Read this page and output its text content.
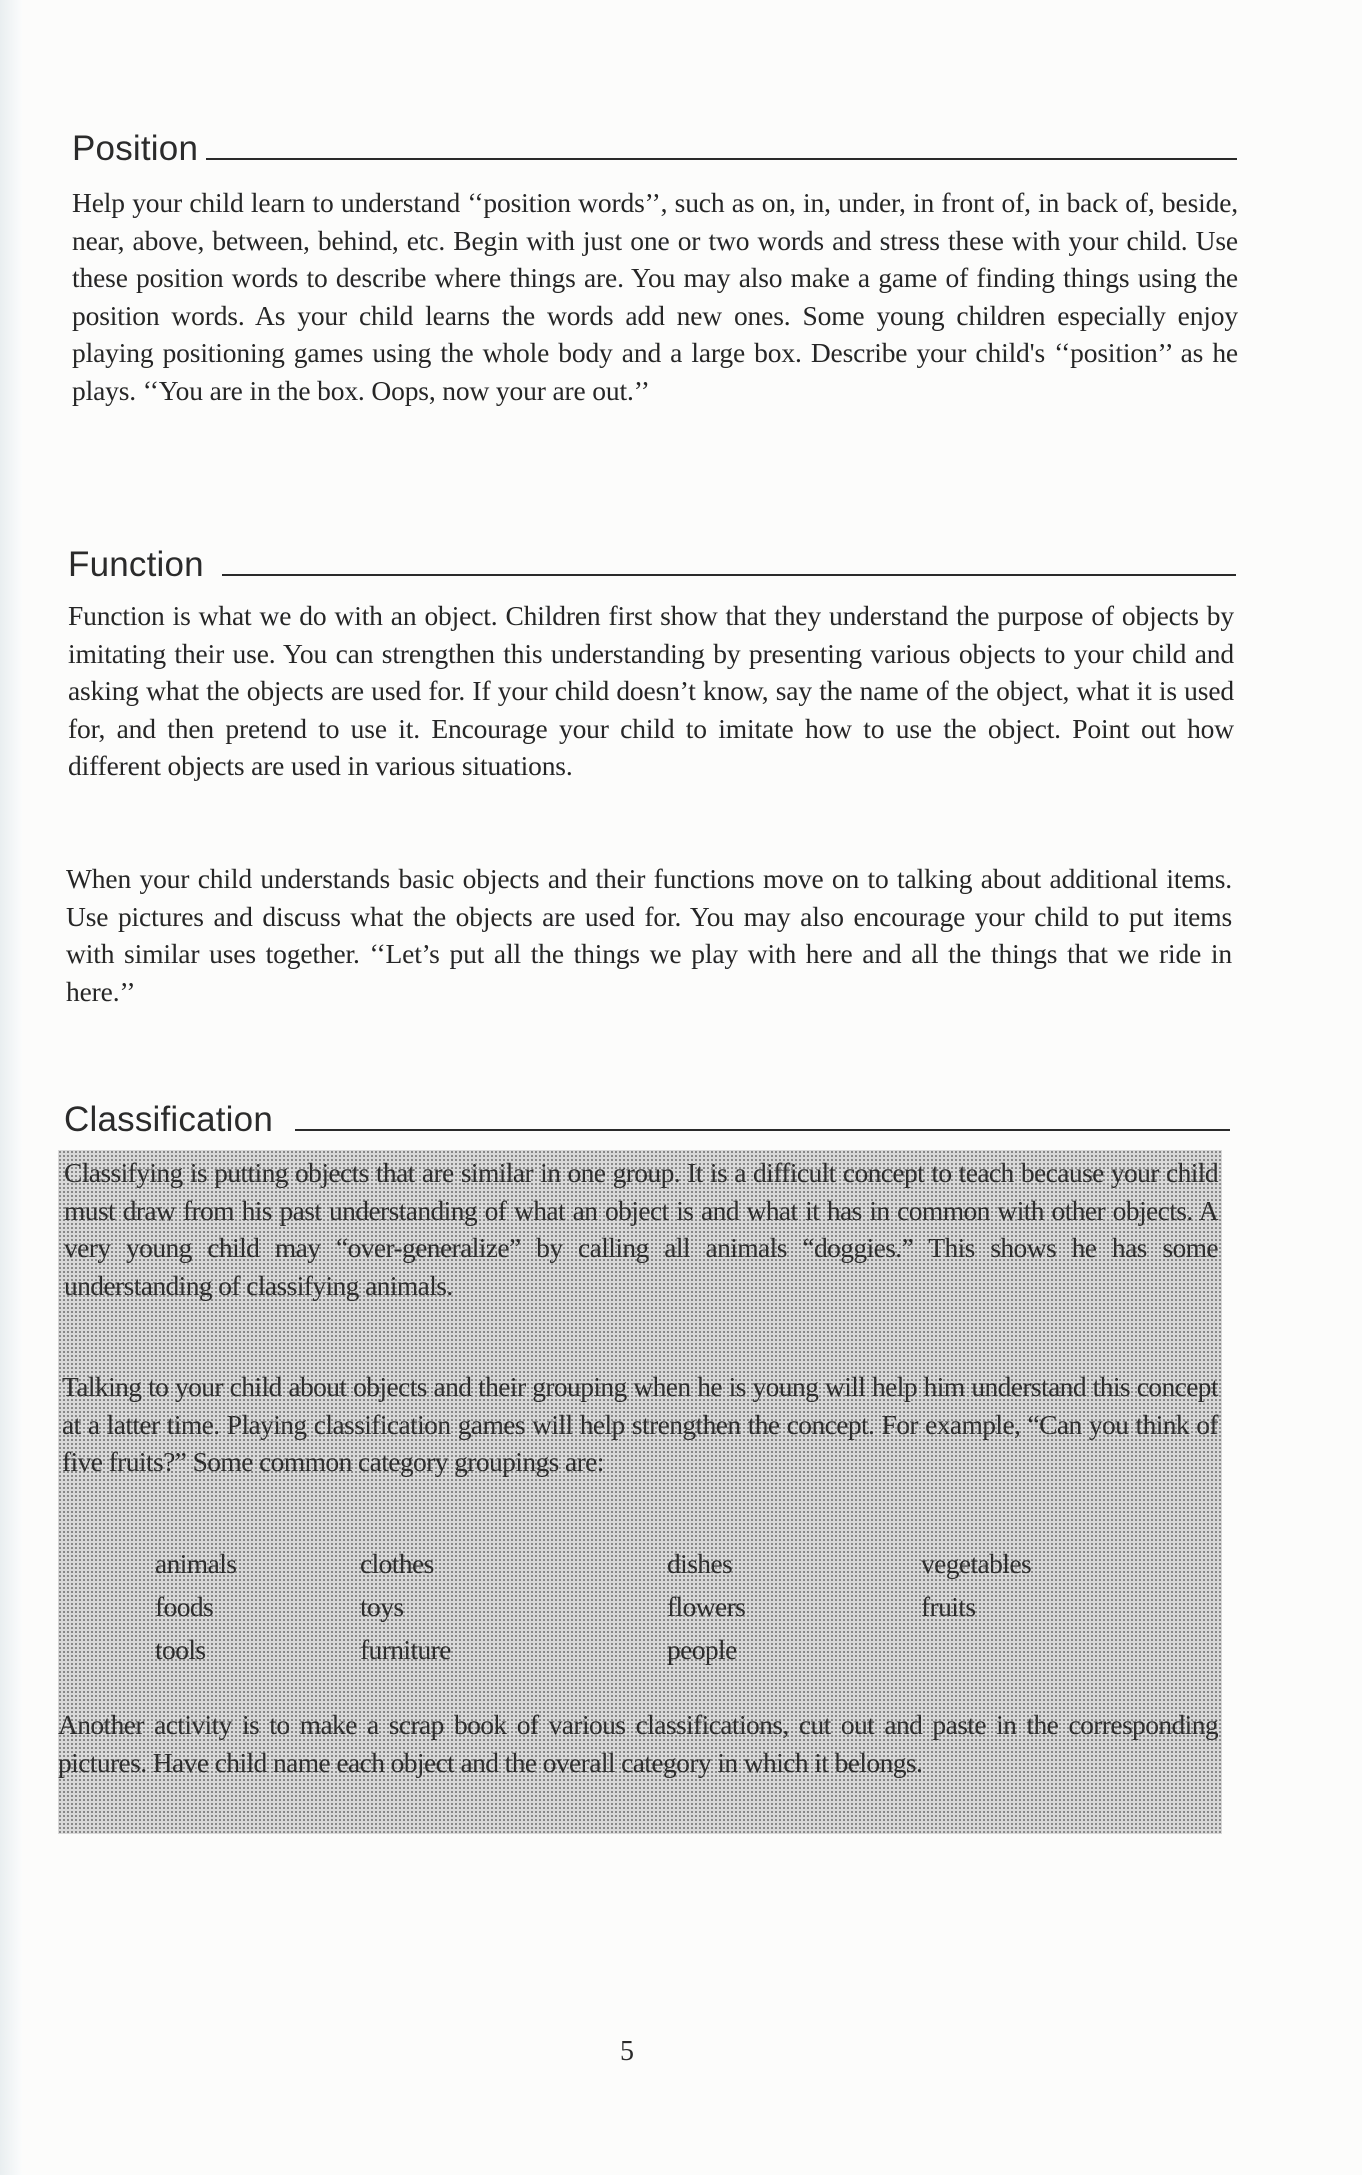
Position

Help your child learn to understand ‘‘position words’’, such as on, in, under, in front of, in back of, beside, near, above, between, behind, etc. Begin with just one or two words and stress these with your child. Use these position words to describe where things are. You may also make a game of finding things using the position words. As your child learns the words add new ones. Some young children especially enjoy playing positioning games using the whole body and a large box. Describe your child's ‘‘position’’ as he plays. ‘‘You are in the box. Oops, now your are out.’’

Function

Function is what we do with an object. Children first show that they understand the purpose of objects by imitating their use. You can strengthen this understanding by presenting various objects to your child and asking what the objects are used for. If your child doesn’t know, say the name of the object, what it is used for, and then pretend to use it. Encourage your child to imitate how to use the object. Point out how different objects are used in various situations.

When your child understands basic objects and their functions move on to talking about additional items. Use pictures and discuss what the objects are used for. You may also encourage your child to put items with similar uses together. ‘‘Let’s put all the things we play with here and all the things that we ride in here.’’

Classification

Classifying is putting objects that are similar in one group. It is a difficult concept to teach because your child must draw from his past understanding of what an object is and what it has in common with other objects. A very young child may “over-generalize” by calling all animals “doggies.” This shows he has some understanding of classifying animals.

Talking to your child about objects and their grouping when he is young will help him understand this concept at a latter time. Playing classification games will help strengthen the concept. For example, “Can you think of five fruits?” Some common category groupings are:

Another activity is to make a scrap book of various classifications, cut out and paste in the corresponding pictures. Have child name each object and the overall category in which it belongs.

animals	clothes	dishes	vegetables
foods	toys	flowers	fruits
tools	furniture	people
5
